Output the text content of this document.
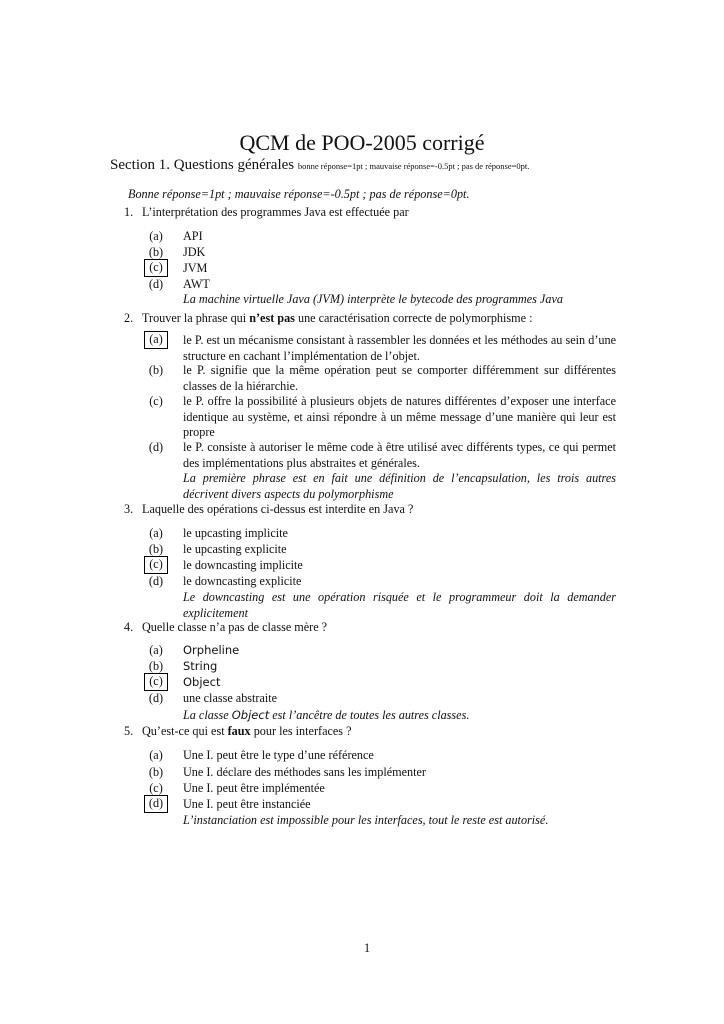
QCM de POO-2005 corrigé
Section 1. Questions générales bonne réponse=1pt ; mauvaise réponse=-0.5pt ; pas de réponse=0pt.
Bonne réponse=1pt ; mauvaise réponse=-0.5pt ; pas de réponse=0pt.
1. L’interprétation des programmes Java est effectuée par
(a) API
(b) JDK
(c)	JVM
(d) AWT
La machine virtuelle Java (JVM) interprète le bytecode des programmes Java
2. Trouver la phrase qui n’est pas une caractérisation correcte de polymorphisme :
(a)	le P. est un mécanisme consistant à rassembler les données et les méthodes au sein d’une structure en cachant l’implémentation de l’objet.
(b) le P. signifie que la même opération peut se comporter différemment sur différentes classes de la hiérarchie.
(c) le P. offre la possibilité à plusieurs objets de natures différentes d’exposer une interface identique au système, et ainsi répondre à un même message d’une manière qui leur est propre
(d) le P. consiste à autoriser le même code à être utilisé avec différents types, ce qui permet des implémentations plus abstraites et générales.
La première phrase est en fait une définition de l’encapsulation, les trois autres décrivent divers aspects du polymorphisme
3. Laquelle des opérations ci-dessus est interdite en Java ?
(a) le upcasting implicite
(b) le upcasting explicite
(c)	le downcasting implicite
(d) le downcasting explicite
Le downcasting est une opération risquée et le programmeur doit la demander explicitement
4. Quelle classe n’a pas de classe mère ?
(a) Orpheline
(b) String
(c)	Object
(d) une classe abstraite
La classe Object est l’ancêtre de toutes les autres classes.
5. Qu’est-ce qui est faux pour les interfaces ?
(a) Une I. peut être le type d’une référence
(b) Une I. déclare des méthodes sans les implémenter
(c) Une I. peut être implémentée
(d)	Une I. peut être instanciée
L’instanciation est impossible pour les interfaces, tout le reste est autorisé.
1
